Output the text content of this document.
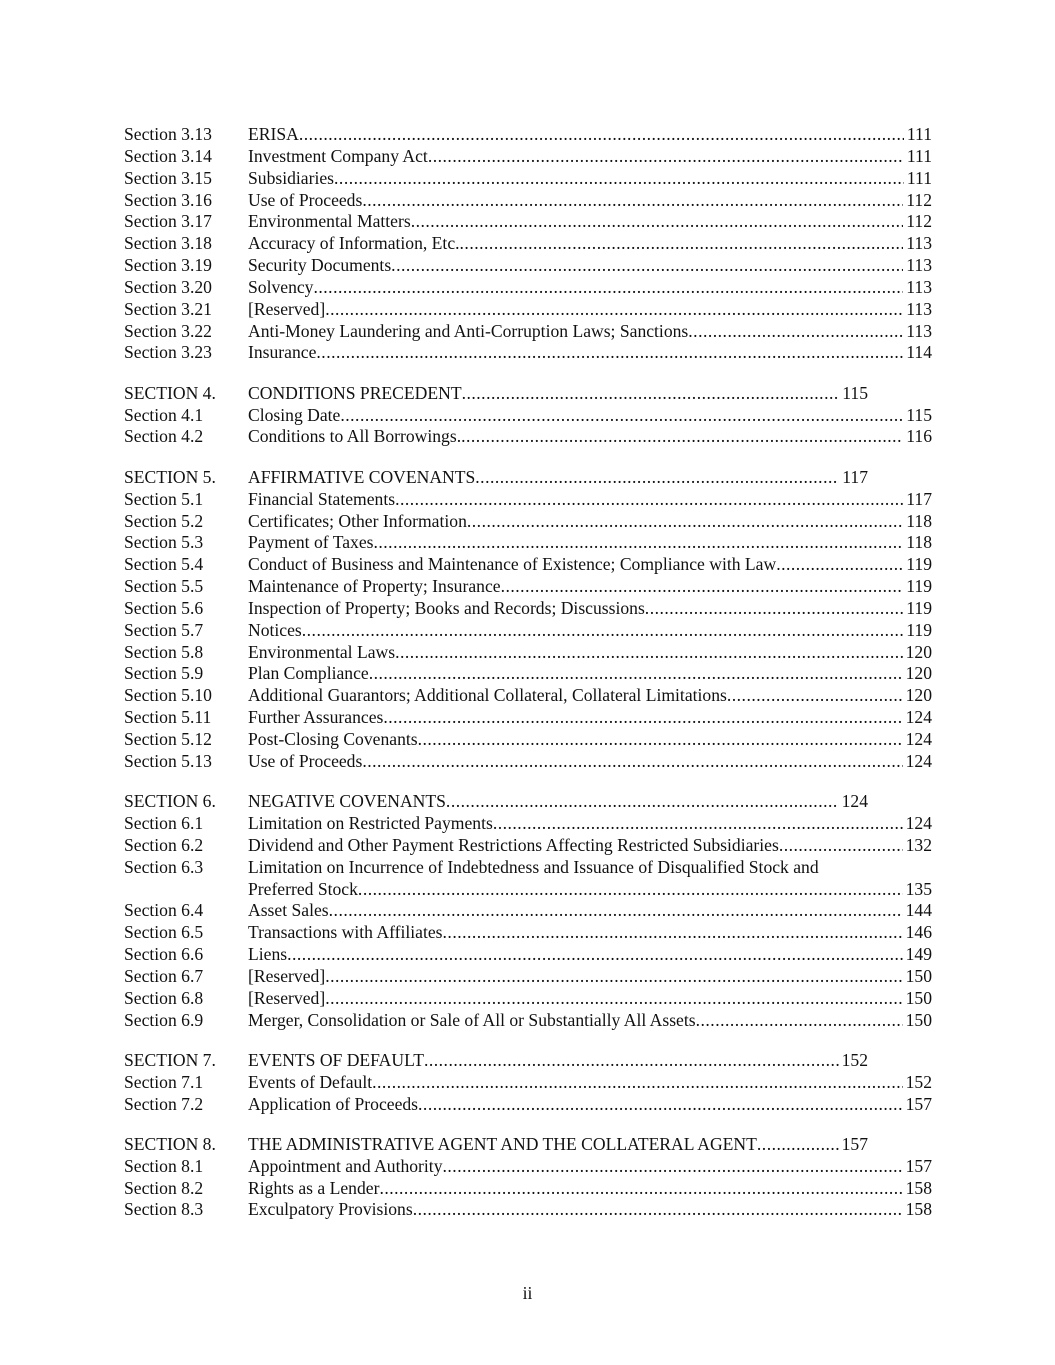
Section 3.13	ERISA .....	111
Section 3.14	Investment Company Act .....	111
Section 3.15	Subsidiaries .....	111
Section 3.16	Use of Proceeds .....	112
Section 3.17	Environmental Matters .....	112
Section 3.18	Accuracy of Information, Etc. .....	113
Section 3.19	Security Documents .....	113
Section 3.20	Solvency .....	113
Section 3.21	[Reserved] .....	113
Section 3.22	Anti-Money Laundering and Anti-Corruption Laws; Sanctions .....	113
Section 3.23	Insurance .....	114
SECTION 4.	CONDITIONS PRECEDENT .....	115
Section 4.1	Closing Date .....	115
Section 4.2	Conditions to All Borrowings. .....	116
SECTION 5.	AFFIRMATIVE COVENANTS .....	117
Section 5.1	Financial Statements .....	117
Section 5.2	Certificates; Other Information .....	118
Section 5.3	Payment of Taxes .....	118
Section 5.4	Conduct of Business and Maintenance of Existence; Compliance with Law .....	119
Section 5.5	Maintenance of Property; Insurance .....	119
Section 5.6	Inspection of Property; Books and Records; Discussions .....	119
Section 5.7	Notices .....	119
Section 5.8	Environmental Laws .....	120
Section 5.9	Plan Compliance .....	120
Section 5.10	Additional Guarantors; Additional Collateral, Collateral Limitations .....	120
Section 5.11	Further Assurances .....	124
Section 5.12	Post-Closing Covenants .....	124
Section 5.13	Use of Proceeds .....	124
SECTION 6.	NEGATIVE COVENANTS .....	124
Section 6.1	Limitation on Restricted Payments .....	124
Section 6.2	Dividend and Other Payment Restrictions Affecting Restricted Subsidiaries .....	132
Section 6.3	Limitation on Incurrence of Indebtedness and Issuance of Disqualified Stock and
Preferred Stock .....	135
Section 6.4	Asset Sales .....	144
Section 6.5	Transactions with Affiliates .....	146
Section 6.6	Liens .....	149
Section 6.7	[Reserved] .....	150
Section 6.8	[Reserved] .....	150
Section 6.9	Merger, Consolidation or Sale of All or Substantially All Assets .....	150
SECTION 7.	EVENTS OF DEFAULT .....	152
Section 7.1	Events of Default .....	152
Section 7.2	Application of Proceeds .....	157
SECTION 8.	THE ADMINISTRATIVE AGENT AND THE COLLATERAL AGENT .....	157
Section 8.1	Appointment and Authority .....	157
Section 8.2	Rights as a Lender .....	158
Section 8.3	Exculpatory Provisions .....	158
ii
